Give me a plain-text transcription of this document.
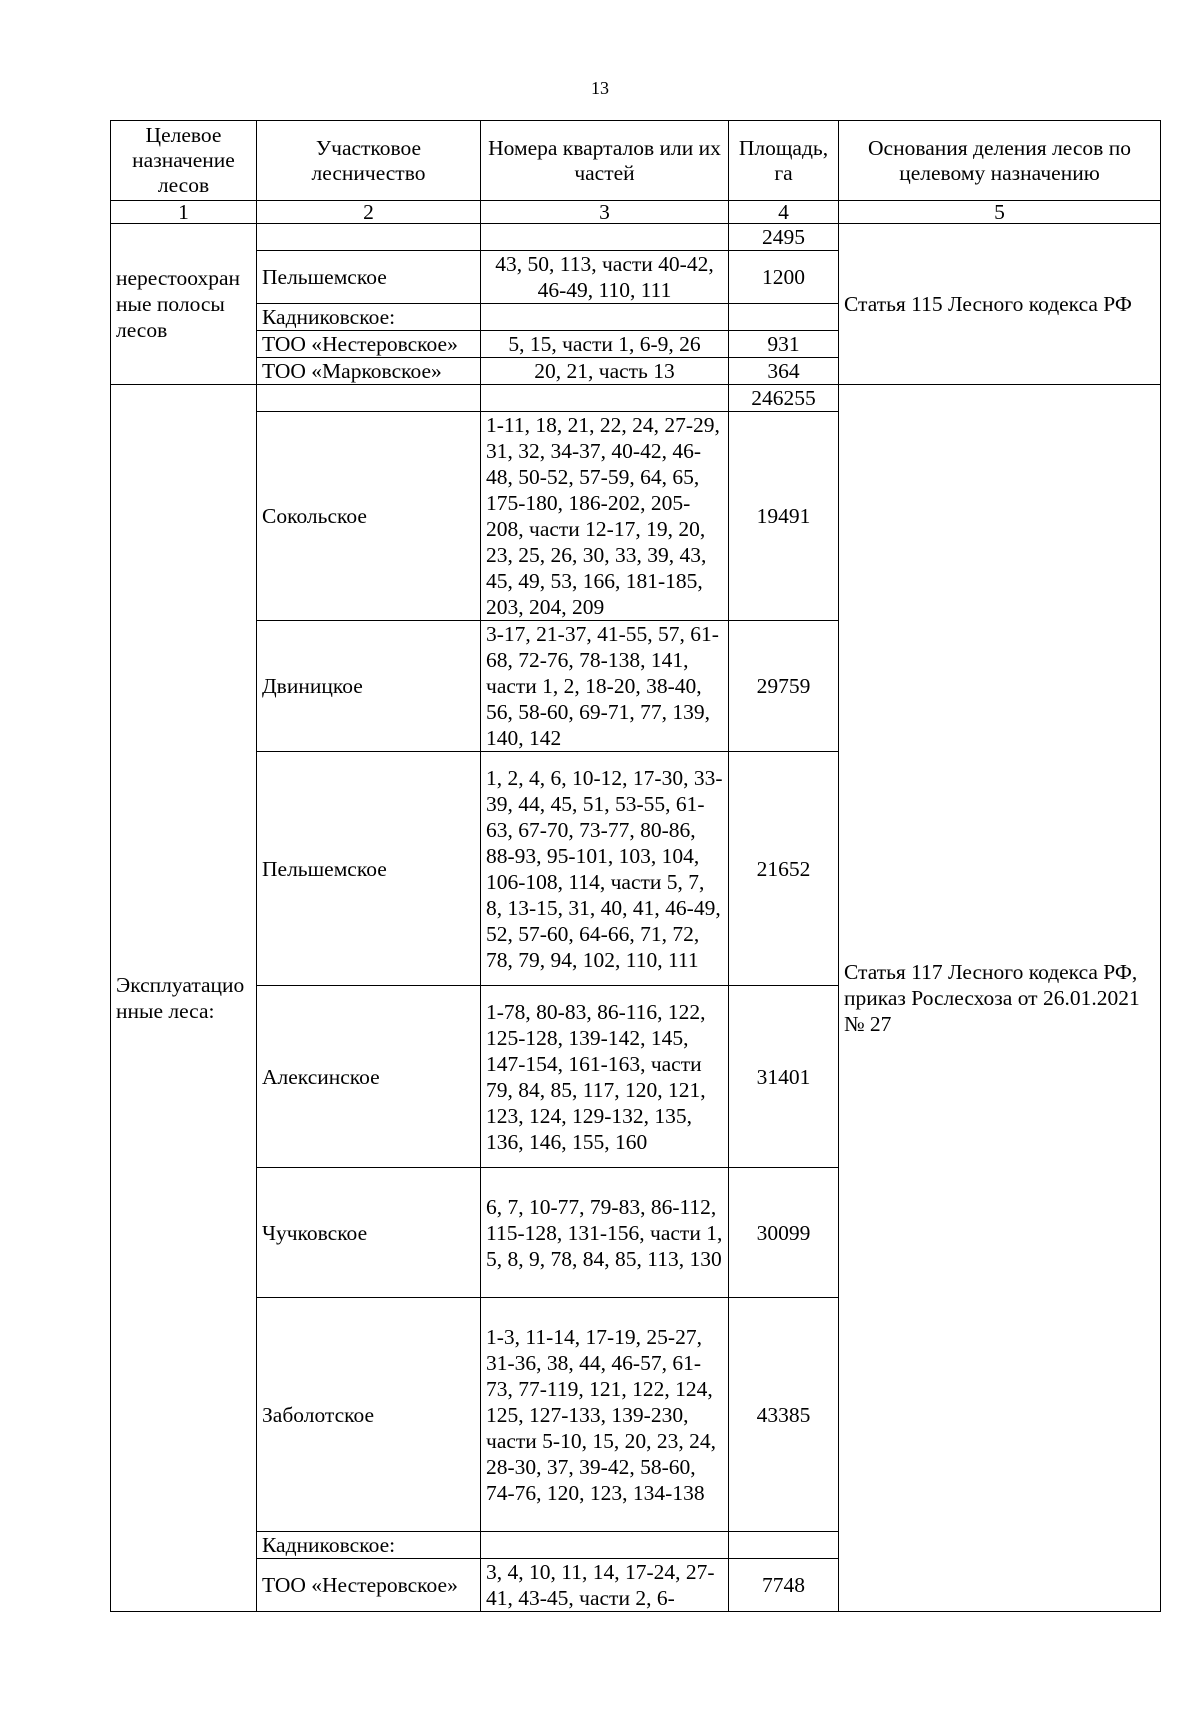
13
Целевое назначение лесов	Участковое лесничество	Номера кварталов или их частей	Площадь, га	Основания деления лесов по целевому назначению
1	2	3	4	5
нерестоохранные полосы лесов			2495	Статья 115 Лесного кодекса РФ
	Пельшемское	43, 50, 113, части 40-42, 46-49, 110, 111	1200	
	Кадниковское:			
	ТОО «Нестеровское»	5, 15, части 1, 6-9, 26	931	
	ТОО «Марковское»	20, 21, часть 13	364	
Эксплуатационные леса:			246255	Статья 117 Лесного кодекса РФ,
приказ Рослесхоза от 26.01.2021 № 27
	Сокольское	1-11, 18, 21, 22, 24, 27-29, 31, 32, 34-37, 40-42, 46-48, 50-52, 57-59, 64, 65, 175-180, 186-202, 205-208, части 12-17, 19, 20, 23, 25, 26, 30, 33, 39, 43, 45, 49, 53, 166, 181-185, 203, 204, 209	19491	
	Двиницкое	3-17, 21-37, 41-55, 57, 61-68, 72-76, 78-138, 141, части 1, 2, 18-20, 38-40, 56, 58-60, 69-71, 77, 139, 140, 142	29759	
	Пельшемское	1, 2, 4, 6, 10-12, 17-30, 33-39, 44, 45, 51, 53-55, 61-63, 67-70, 73-77, 80-86, 88-93, 95-101, 103, 104, 106-108, 114, части 5, 7, 8, 13-15, 31, 40, 41, 46-49, 52, 57-60, 64-66, 71, 72, 78, 79, 94, 102, 110, 111	21652	
	Алексинское	1-78, 80-83, 86-116, 122, 125-128, 139-142, 145, 147-154, 161-163, части 79, 84, 85, 117, 120, 121, 123, 124, 129-132, 135, 136, 146, 155, 160	31401	
	Чучковское	6, 7, 10-77, 79-83, 86-112, 115-128, 131-156, части 1, 5, 8, 9, 78, 84, 85, 113, 130	30099	
	Заболотское	1-3, 11-14, 17-19, 25-27, 31-36, 38, 44, 46-57, 61-73, 77-119, 121, 122, 124, 125, 127-133, 139-230, части 5-10, 15, 20, 23, 24, 28-30, 37, 39-42, 58-60, 74-76, 120, 123, 134-138	43385	
	Кадниковское:			
	ТОО «Нестеровское»	3, 4, 10, 11, 14, 17-24, 27-41, 43-45, части 2, 6-	7748	
